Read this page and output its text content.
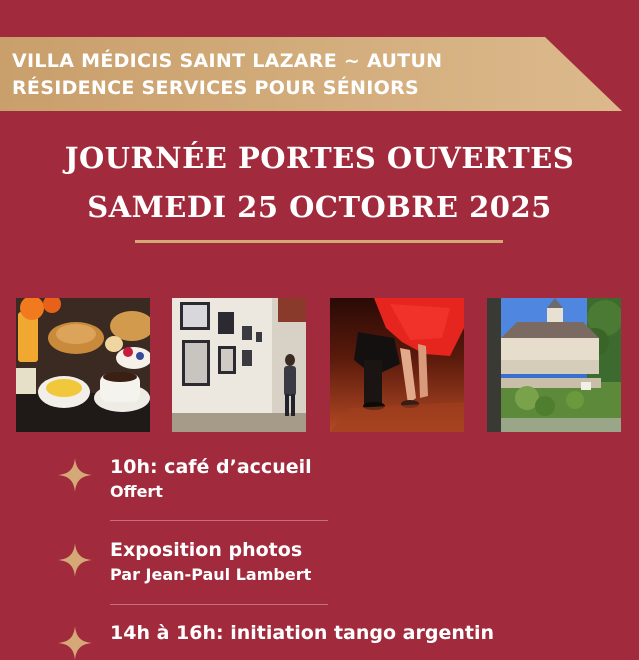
VILLA MÉDICIS SAINT LAZARE ~ AUTUN
RÉSIDENCE SERVICES POUR SÉNIORS
JOURNÉE PORTES OUVERTES
SAMEDI 25 OCTOBRE 2025
10h: café d’accueil
Offert
Exposition photos
Par Jean-Paul Lambert
14h à 16h: initiation tango argentin
